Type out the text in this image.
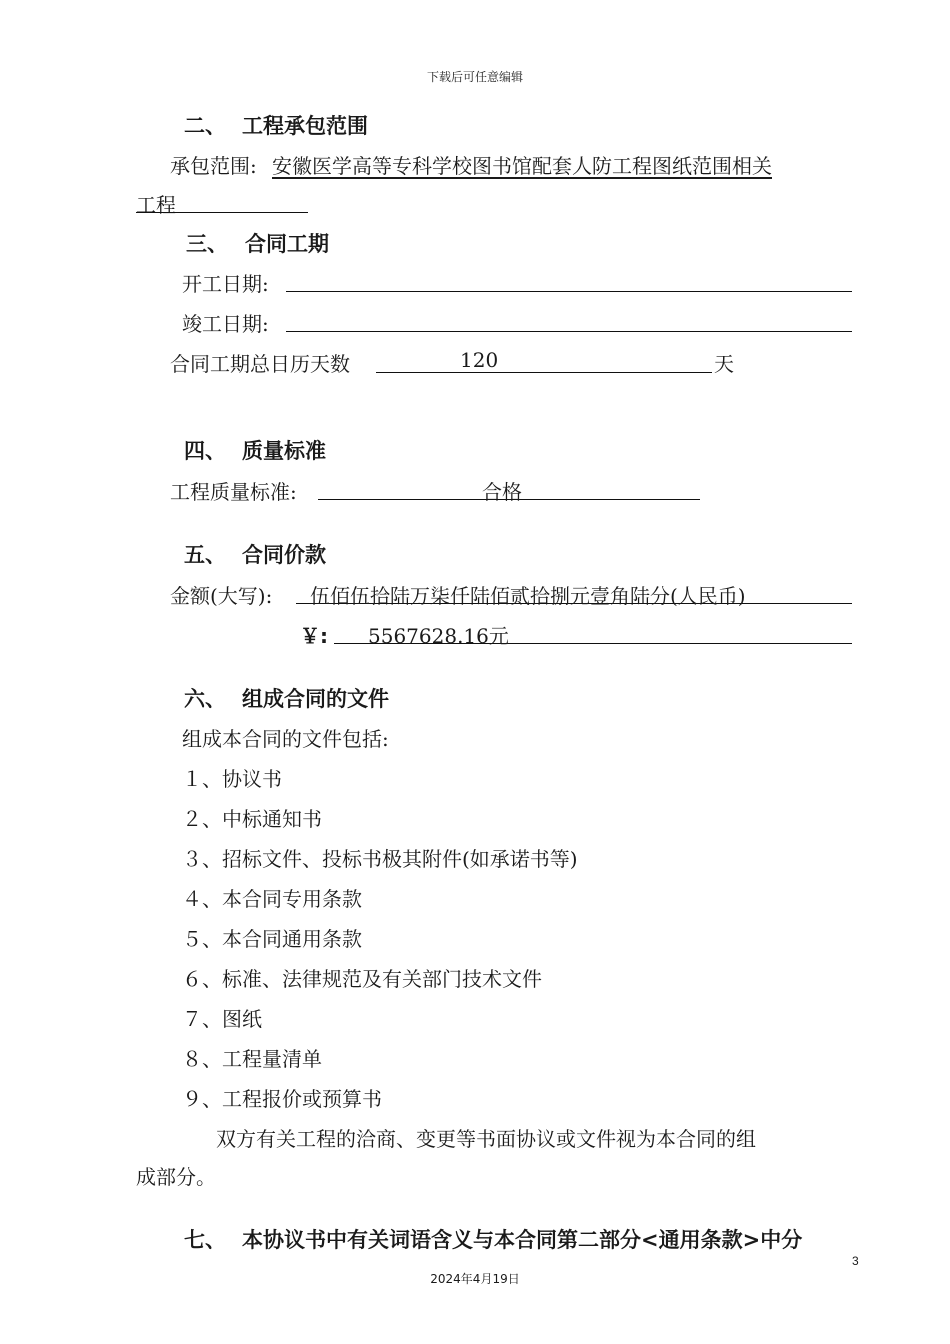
下载后可任意编辑
二、 工程承包范围
承包范围: 安徽医学高等专科学校图书馆配套人防工程图纸范围相关
工程
三、 合同工期
开工日期:
竣工日期:
合同工期总日历天数	120	天
四、 质量标准
工程质量标准:	合格
五、 合同价款
金额(大写): 伍佰伍拾陆万柒仟陆佰贰拾捌元壹角陆分(人民币)
￥: 5567628.16元
六、 组成合同的文件
组成本合同的文件包括:
１、协议书
２、中标通知书
３、招标文件、投标书极其附件(如承诺书等)
４、本合同专用条款
５、本合同通用条款
６、标准、法律规范及有关部门技术文件
７、图纸
８、工程量清单
９、工程报价或预算书
双方有关工程的洽商、变更等书面协议或文件视为本合同的组
成部分。
七、 本协议书中有关词语含义与本合同第二部分<通用条款>中分
3
2024年4月19日
